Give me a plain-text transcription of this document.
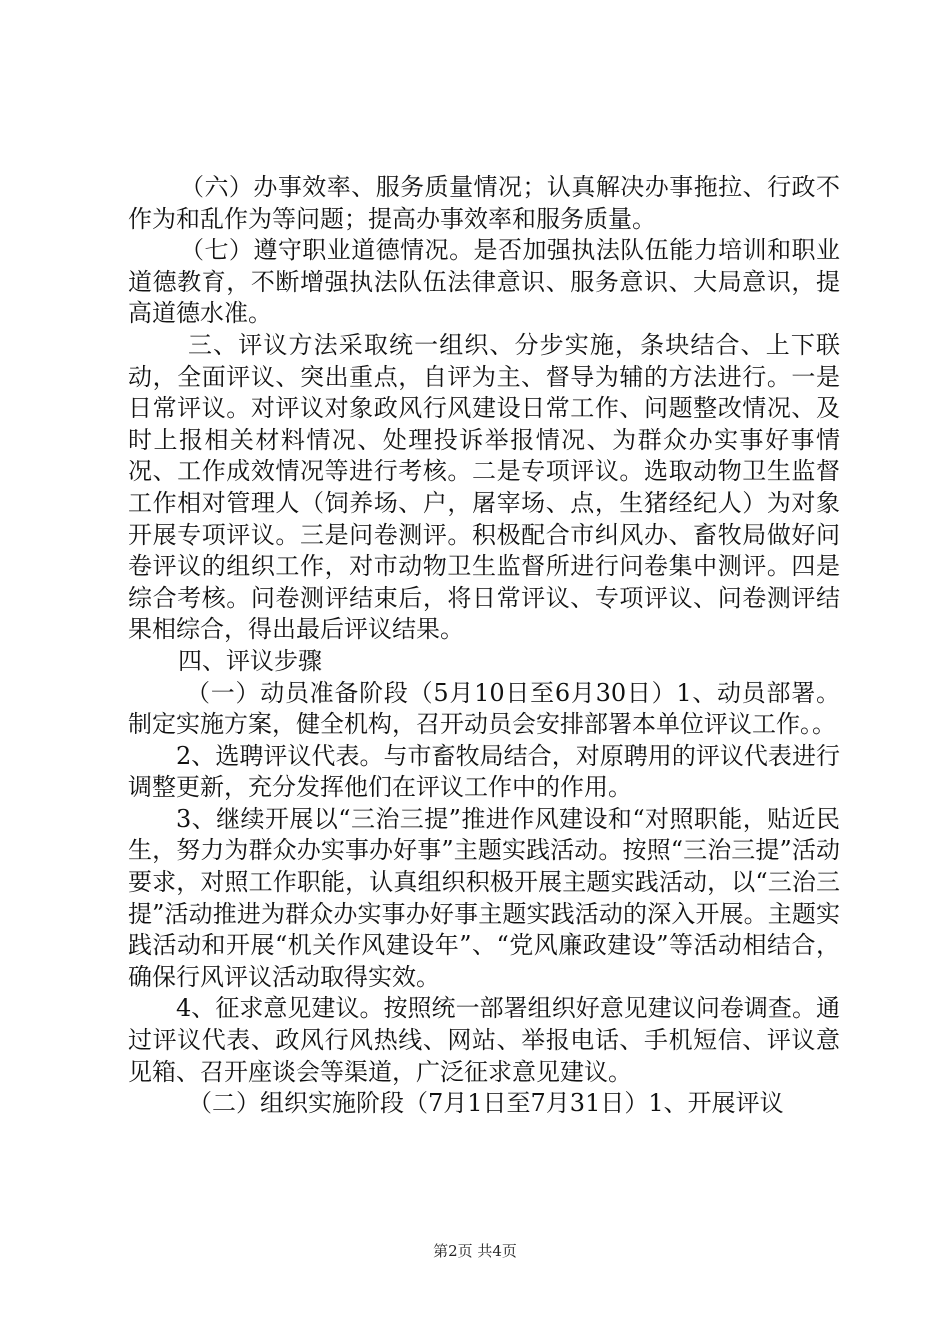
（六）办事效率、服务质量情况；认真解决办事拖拉、行政不作为和乱作为等问题；提高办事效率和服务质量。

（七）遵守职业道德情况。是否加强执法队伍能力培训和职业道德教育，不断增强执法队伍法律意识、服务意识、大局意识，提高道德水准。

三、评议方法采取统一组织、分步实施，条块结合、上下联动，全面评议、突出重点，自评为主、督导为辅的方法进行。一是日常评议。对评议对象政风行风建设日常工作、问题整改情况、及时上报相关材料情况、处理投诉举报情况、为群众办实事好事情况、工作成效情况等进行考核。二是专项评议。选取动物卫生监督工作相对管理人（饲养场、户，屠宰场、点，生猪经纪人）为对象开展专项评议。三是问卷测评。积极配合市纠风办、畜牧局做好问卷评议的组织工作，对市动物卫生监督所进行问卷集中测评。四是综合考核。问卷测评结束后，将日常评议、专项评议、问卷测评结果相综合，得出最后评议结果。

四、评议步骤

（一）动员准备阶段（5月10日至6月30日）1、动员部署。制定实施方案，健全机构，召开动员会安排部署本单位评议工作。。

2、选聘评议代表。与市畜牧局结合，对原聘用的评议代表进行调整更新，充分发挥他们在评议工作中的作用。

3、继续开展以“三治三提”推进作风建设和“对照职能，贴近民生，努力为群众办实事办好事”主题实践活动。按照“三治三提”活动要求，对照工作职能，认真组织积极开展主题实践活动，以“三治三提”活动推进为群众办实事办好事主题实践活动的深入开展。主题实践活动和开展“机关作风建设年”、“党风廉政建设”等活动相结合，确保行风评议活动取得实效。

4、征求意见建议。按照统一部署组织好意见建议问卷调查。通过评议代表、政风行风热线、网站、举报电话、手机短信、评议意见箱、召开座谈会等渠道，广泛征求意见建议。

（二）组织实施阶段（7月1日至7月31日）1、开展评议

第2页 共4页
